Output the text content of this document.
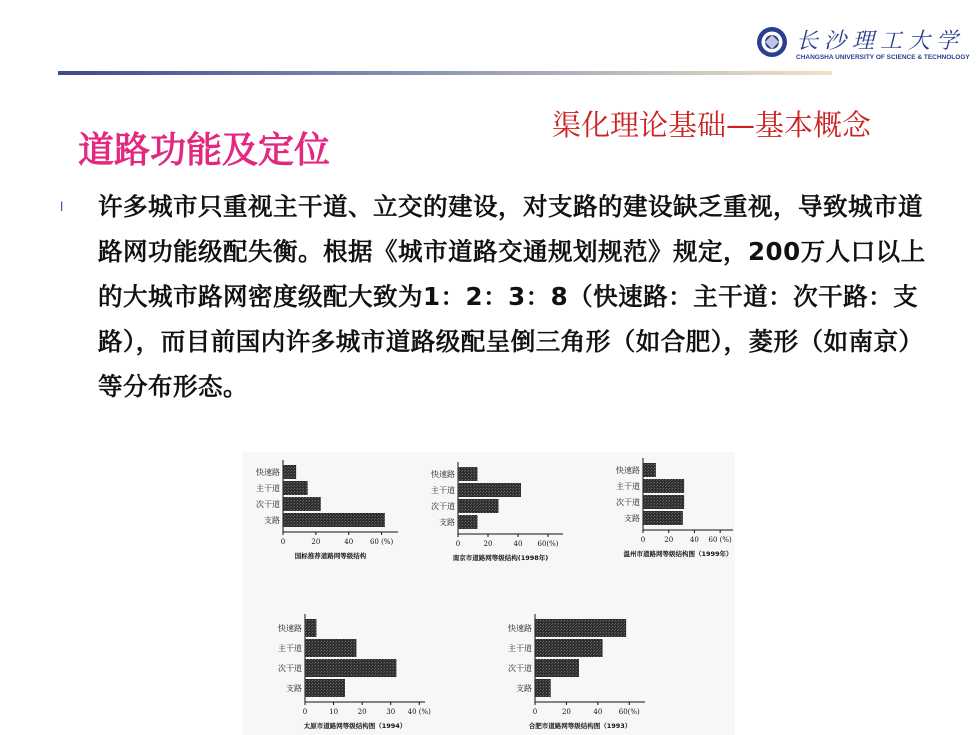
长沙理工大学
CHANGSHA UNIVERSITY OF SCIENCE & TECHNOLOGY
渠化理论基础—基本概念
道路功能及定位
l 许多城市只重视主干道、立交的建设，对支路的建设缺乏重视，导致城市道路网功能级配失衡。根据《城市道路交通规划规范》规定，200万人口以上的大城市路网密度级配大致为1：2：3：8（快速路：主干道：次干路：支路），而目前国内许多城市道路级配呈倒三角形（如合肥），菱形（如南京）等分布形态。
快速路
主干道
次干道
支路
0	20	40 60 (%)
国标推荐道路网等级结构
快速路
主干道
次干道
支路
0	20	40 60(%)
南京市道路网等级结构(1998年)
快速路
主干道
次干道
支路
0	20 40 60 (%)
温州市道路网等级结构图（1999年）
快速路
主干道
次干道
支路
0	10	20	30 40 (%)
太原市道路网等级结构图（1994）
快速路
主干道
次干道
支路
0	20	40 60(%)
合肥市道路网等级结构图（1993）
